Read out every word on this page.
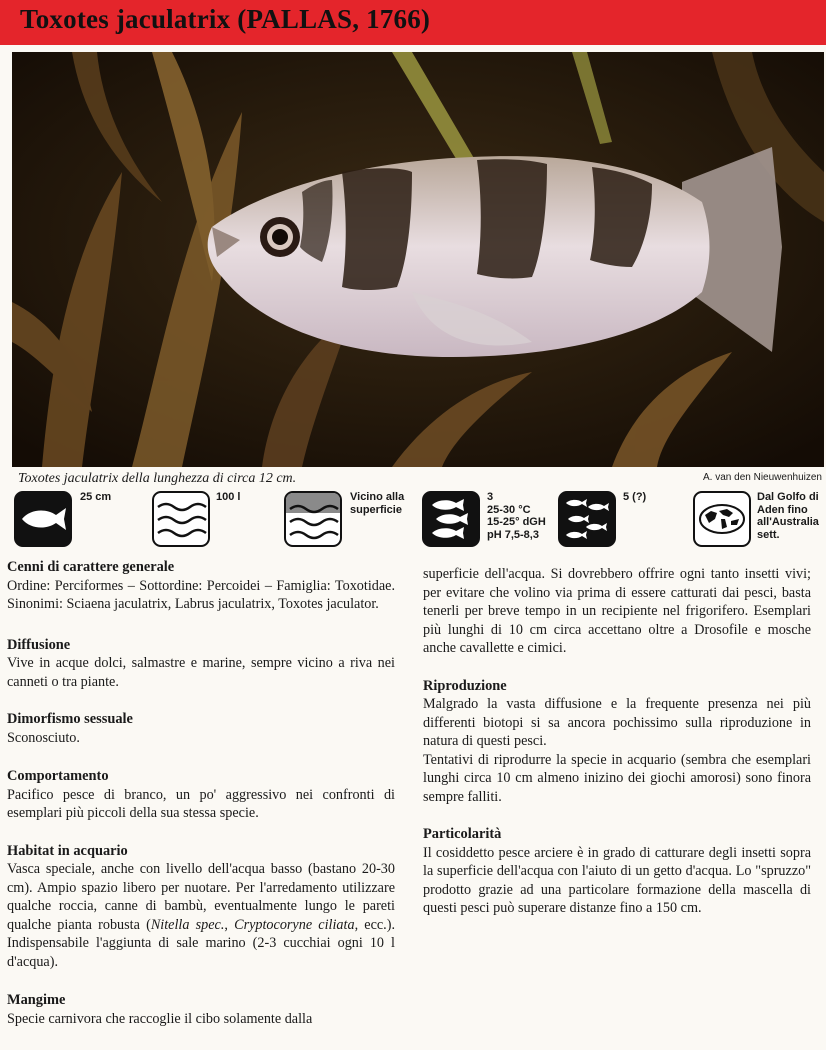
Toxotes jaculatrix (PALLAS, 1766)
Toxotes jaculatrix della lunghezza di circa 12 cm.	A. van den Nieuwenhuizen
25 cm	100 l	Vicino alla
superficie
3
25-30 °C
15-25° dGH
pH 7,5-8,3
5 (?)	Dal Golfo di
Aden fino
all'Australia
sett.
Cenni di carattere generale

Ordine: Perciformes – Sottordine: Percoidei – Famiglia: Toxotidae. Sinonimi: Sciaena jaculatrix, Labrus jaculatrix, Toxotes jaculator.

Diffusione

Vive in acque dolci, salmastre e marine, sempre vicino a riva nei canneti o tra piante.

Dimorfismo sessuale

Sconosciuto.

Comportamento

Pacifico pesce di branco, un po' aggressivo nei confronti di esemplari più piccoli della sua stessa specie.

Habitat in acquario

Vasca speciale, anche con livello dell'acqua basso (bastano 20-30 cm). Ampio spazio libero per nuotare. Per l'arredamento utilizzare qualche roccia, canne di bambù, eventualmente lungo le pareti qualche pianta robusta (Nitella spec., Cryptocoryne ciliata, ecc.). Indispensabile l'aggiunta di sale marino (2-3 cucchiai ogni 10 l d'acqua).

Mangime

Specie carnivora che raccoglie il cibo solamente dalla

superficie dell'acqua. Si dovrebbero offrire ogni tanto insetti vivi; per evitare che volino via prima di essere catturati dai pesci, basta tenerli per breve tempo in un recipiente nel frigorifero. Esemplari più lunghi di 10 cm circa accettano oltre a Drosofile e mosche anche cavallette e cimici.

Riproduzione

Malgrado la vasta diffusione e la frequente presenza nei più differenti biotopi si sa ancora pochissimo sulla riproduzione in natura di questi pesci.

Tentativi di riprodurre la specie in acquario (sembra che esemplari lunghi circa 10 cm almeno inizino dei giochi amorosi) sono finora sempre falliti.

Particolarità

Il cosiddetto pesce arciere è in grado di catturare degli insetti sopra la superficie dell'acqua con l'aiuto di un getto d'acqua. Lo "spruzzo" prodotto grazie ad una particolare formazione della mascella di questi pesci può superare distanze fino a 150 cm.
